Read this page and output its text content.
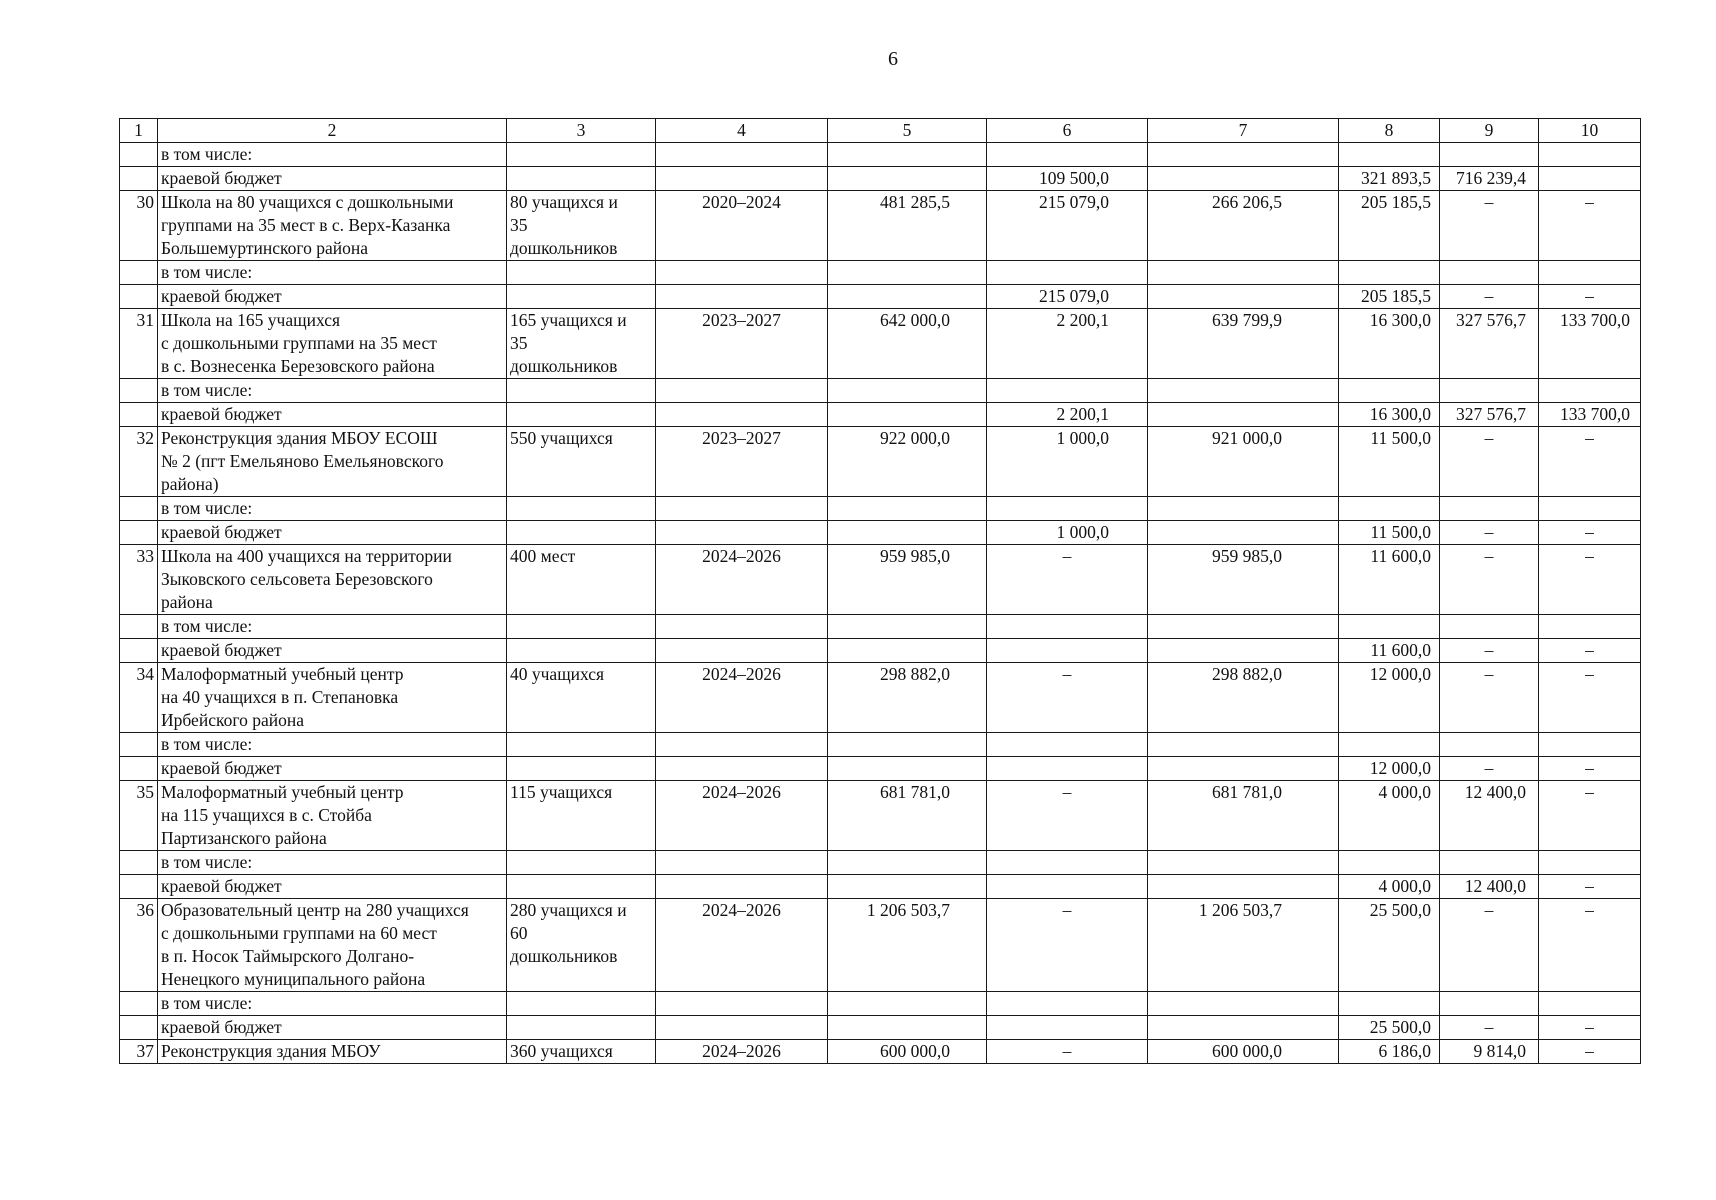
6
1	2	3	4	5	6	7	8	9	10
	в том числе:								
	краевой бюджет				109 500,0		321 893,5	716 239,4	
30	Школа на 80 учащихся с дошкольными
группами на 35 мест в с. Верх-Казанка
Большемуртинского района	80 учащихся и
35
дошкольников	2020–2024	481 285,5	215 079,0	266 206,5	205 185,5	–	–
	в том числе:								
	краевой бюджет				215 079,0		205 185,5	–	–
31	Школа на 165 учащихся
с дошкольными группами на 35 мест
в с. Вознесенка Березовского района	165 учащихся и
35
дошкольников	2023–2027	642 000,0	2 200,1	639 799,9	16 300,0	327 576,7	133 700,0
	в том числе:								
	краевой бюджет				2 200,1		16 300,0	327 576,7	133 700,0
32	Реконструкция здания МБОУ ЕСОШ
№ 2 (пгт Емельяново Емельяновского
района)	550 учащихся	2023–2027	922 000,0	1 000,0	921 000,0	11 500,0	–	–
	в том числе:								
	краевой бюджет				1 000,0		11 500,0	–	–
33	Школа на 400 учащихся на территории
Зыковского сельсовета Березовского
района	400 мест	2024–2026	959 985,0	–	959 985,0	11 600,0	–	–
	в том числе:								
	краевой бюджет						11 600,0	–	–
34	Малоформатный учебный центр
на 40 учащихся в п. Степановка
Ирбейского района	40 учащихся	2024–2026	298 882,0	–	298 882,0	12 000,0	–	–
	в том числе:								
	краевой бюджет						12 000,0	–	–
35	Малоформатный учебный центр
на 115 учащихся в с. Стойба
Партизанского района	115 учащихся	2024–2026	681 781,0	–	681 781,0	4 000,0	12 400,0	–
	в том числе:								
	краевой бюджет						4 000,0	12 400,0	–
36	Образовательный центр на 280 учащихся
с дошкольными группами на 60 мест
в п. Носок Таймырского Долгано-
Ненецкого муниципального района	280 учащихся и
60
дошкольников	2024–2026	1 206 503,7	–	1 206 503,7	25 500,0	–	–
	в том числе:								
	краевой бюджет						25 500,0	–	–
37	Реконструкция здания МБОУ	360 учащихся	2024–2026	600 000,0	–	600 000,0	6 186,0	9 814,0	–
